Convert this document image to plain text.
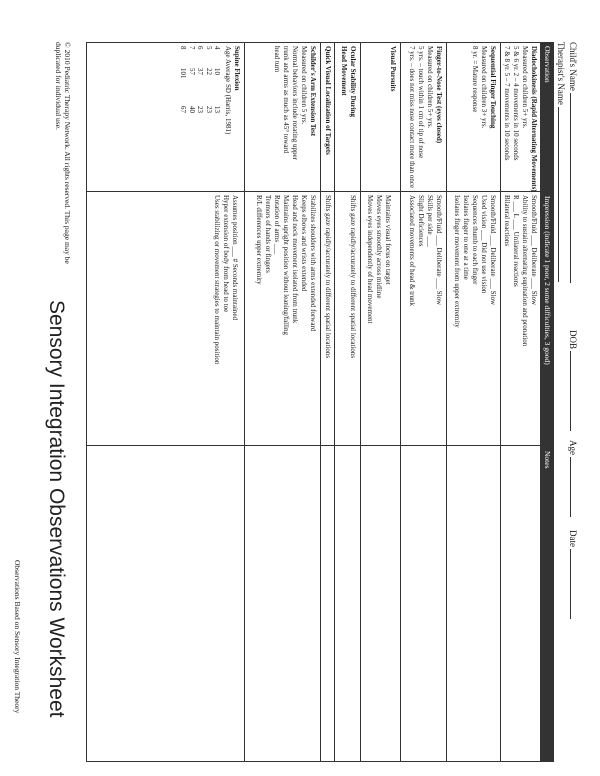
Sensory Integration Observations Worksheet
Child's Name
Therapist's Name
DOB
Age
Date
Observation
Impression (indicate 1 poor, 2 some difficulties, 3 good)
Notes
Diadochokinesis (Rapid Alternating Movements)
Measured on children 5+ yrs.
5 & 6 yr. 2 – 4 movements in 10 seconds
7 & 8 yr. 5 – 7 movements in 10 seconds
Smooth/Fluid ___ Deliberate ___ Slow
Ability to sustain alternating supination and pronation
R ___ L ___ Unilateral reactions
Bilateral reactions
Sequential Finger Touching
Measured on children 3+ yrs.
8 yr. = Mature response
Smooth/Fluid ___ Deliberate ___ Slow
Used vision ___ Did not use vision
Sequences thumb to each finger
Isolates finger to one at a time
Isolates finger movement from upper extremity
Finger-to-Nose Test (eyes closed)
Measured on children 5+ yrs.
5 yrs. – touch within 1 cm of tip of nose
7 yrs. – does not miss nose contact more than once
Smooth/Fluid ___ Deliberate ___ Slow
Skills per side ___
Slight Deficiences
Associated movements of head & trunk
Visual Pursuits
Maintains visual focus on target
Moves eyes smoothly across midline
Moves eyes independently of head movement
Ocular Stability During
Head Movement
Shifts gaze rapidly/accurately to different spatial locations
Quick Visual Localization of Targets
Shifts gaze rapidly/accurately to different spatial locations
Schilder's Arm Extension Test
Measured on children 5 yrs.
Normal behaviors include rotating upper
trunk and arms as much as 45° toward
head turn
Stabilizes shoulders with arms extended forward
Keeps elbows and wrists extended
Head and neck movement isolated from trunk
Maintains upright position without leaning/falling
Rotation of arms ___
Tremors of hands or fingers
R/L differences upper extremity
Supine Flexion
Age Average SD (Harris, 1981)
41013
52223
63723
75740
810167
Assumes position ___ # Seconds maintained
Hyper extension of body from head to toe
Uses stabilizing or movement strategies to maintain position
© 2010 Pediatric Therapy Network. All rights reserved. This page may be duplicated for individual use.
Observations Based on Sensory Integration Theory
